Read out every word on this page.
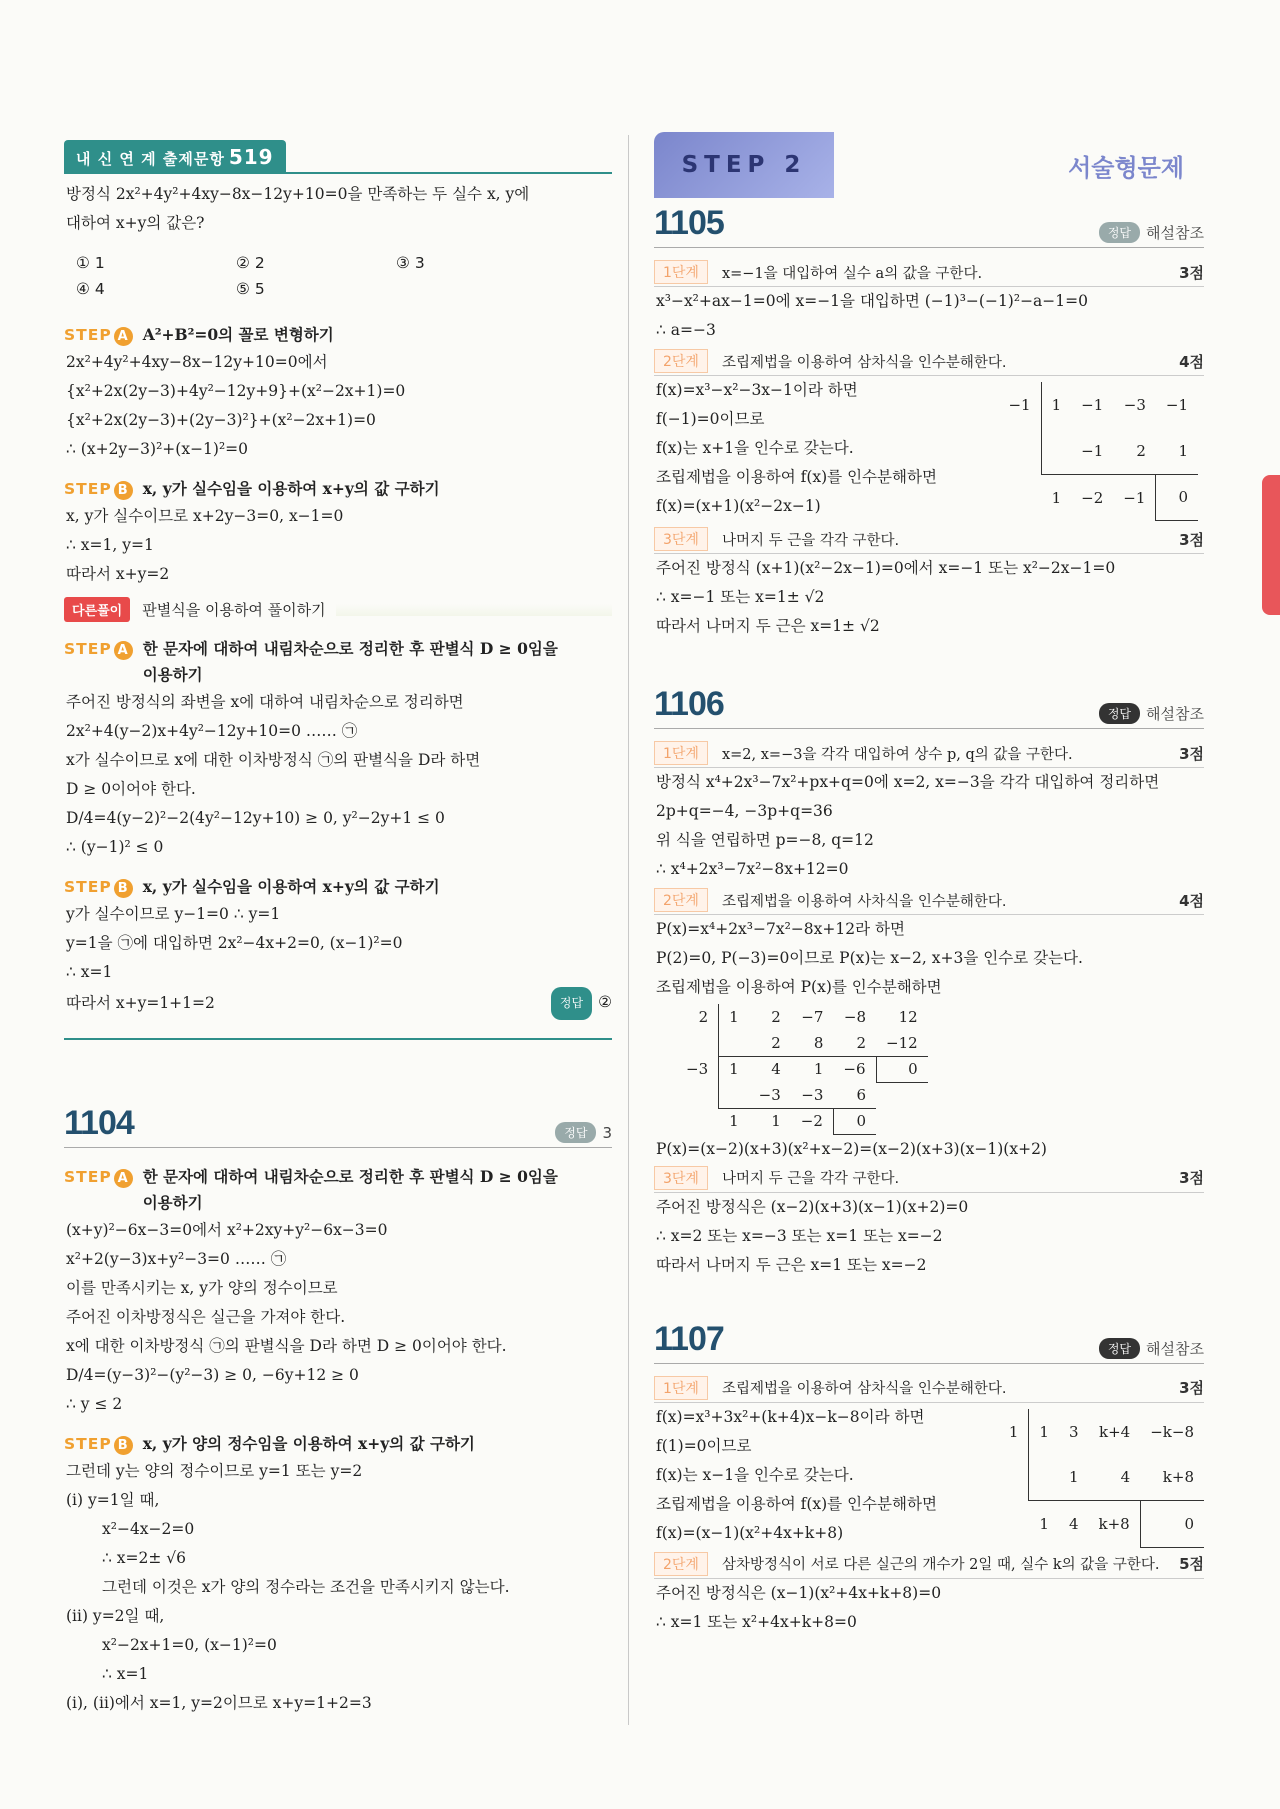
내 신 연 계 출제문항 519
방정식 2x²+4y²+4xy−8x−12y+10=0을 만족하는 두 실수 x, y에
대하여 x+y의 값은?
① 1	② 2	③ 3
④ 4	⑤ 5
STEP A A²+B²=0의 꼴로 변형하기
2x²+4y²+4xy−8x−12y+10=0에서
{x²+2x(2y−3)+4y²−12y+9}+(x²−2x+1)=0
{x²+2x(2y−3)+(2y−3)²}+(x²−2x+1)=0
∴ (x+2y−3)²+(x−1)²=0
STEP B x, y가 실수임을 이용하여 x+y의 값 구하기
x, y가 실수이므로 x+2y−3=0, x−1=0
∴ x=1, y=1
따라서 x+y=2
다른풀이	판별식을 이용하여 풀이하기
STEP A 한 문자에 대하여 내림차순으로 정리한 후 판별식 D ≥ 0임을
이용하기
주어진 방정식의 좌변을 x에 대하여 내림차순으로 정리하면
2x²+4(y−2)x+4y²−12y+10=0 …… ㉠
x가 실수이므로 x에 대한 이차방정식 ㉠의 판별식을 D라 하면
D ≥ 0이어야 한다.
D/4=4(y−2)²−2(4y²−12y+10) ≥ 0, y²−2y+1 ≤ 0
∴ (y−1)² ≤ 0
STEP B x, y가 실수임을 이용하여 x+y의 값 구하기
y가 실수이므로 y−1=0 ∴ y=1
y=1을 ㉠에 대입하면 2x²−4x+2=0, (x−1)²=0
∴ x=1
따라서 x+y=1+1=2	정답 ②
1104	정답	3
STEP A 한 문자에 대하여 내림차순으로 정리한 후 판별식 D ≥ 0임을
이용하기
(x+y)²−6x−3=0에서 x²+2xy+y²−6x−3=0
x²+2(y−3)x+y²−3=0 …… ㉠
이를 만족시키는 x, y가 양의 정수이므로
주어진 이차방정식은 실근을 가져야 한다.
x에 대한 이차방정식 ㉠의 판별식을 D라 하면 D ≥ 0이어야 한다.
D/4=(y−3)²−(y²−3) ≥ 0, −6y+12 ≥ 0
∴ y ≤ 2
STEP B x, y가 양의 정수임을 이용하여 x+y의 값 구하기
그런데 y는 양의 정수이므로 y=1 또는 y=2
(ⅰ) y=1일 때,
x²−4x−2=0
∴ x=2± √6
그런데 이것은 x가 양의 정수라는 조건을 만족시키지 않는다.
(ⅱ) y=2일 때,
x²−2x+1=0, (x−1)²=0
∴ x=1
(ⅰ), (ⅱ)에서 x=1, y=2이므로 x+y=1+2=3
STEP 2	서술형문제
1105	정답	해설참조
1단계	x=−1을 대입하여 실수 a의 값을 구한다.	3점
x³−x²+ax−1=0에 x=−1을 대입하면 (−1)³−(−1)²−a−1=0
∴ a=−3
2단계	조립제법을 이용하여 삼차식을 인수분해한다.	4점
f(x)=x³−x²−3x−1이라 하면
f(−1)=0이므로
f(x)는 x+1을 인수로 갖는다.
조립제법을 이용하여 f(x)를 인수분해하면
f(x)=(x+1)(x²−2x−1)
−1	1	−1	−3	−1
		−1	2	1
	1	−2	−1	0
3단계	나머지 두 근을 각각 구한다.	3점
주어진 방정식 (x+1)(x²−2x−1)=0에서 x=−1 또는 x²−2x−1=0
∴ x=−1 또는 x=1± √2
따라서 나머지 두 근은 x=1± √2
1106	정답	해설참조
1단계	x=2, x=−3을 각각 대입하여 상수 p, q의 값을 구한다.	3점
방정식 x⁴+2x³−7x²+px+q=0에 x=2, x=−3을 각각 대입하여 정리하면
2p+q=−4, −3p+q=36
위 식을 연립하면 p=−8, q=12
∴ x⁴+2x³−7x²−8x+12=0
2단계	조립제법을 이용하여 사차식을 인수분해한다.	4점
P(x)=x⁴+2x³−7x²−8x+12라 하면
P(2)=0, P(−3)=0이므로 P(x)는 x−2, x+3을 인수로 갖는다.
조립제법을 이용하여 P(x)를 인수분해하면
2	1	2	−7	−8	12
		2	8	2	−12
−3	1	4	1	−6	0
		−3	−3	6	
	1	1	−2	0	
P(x)=(x−2)(x+3)(x²+x−2)=(x−2)(x+3)(x−1)(x+2)
3단계	나머지 두 근을 각각 구한다.	3점
주어진 방정식은 (x−2)(x+3)(x−1)(x+2)=0
∴ x=2 또는 x=−3 또는 x=1 또는 x=−2
따라서 나머지 두 근은 x=1 또는 x=−2
1107	정답	해설참조
1단계	조립제법을 이용하여 삼차식을 인수분해한다.	3점
f(x)=x³+3x²+(k+4)x−k−8이라 하면
f(1)=0이므로
f(x)는 x−1을 인수로 갖는다.
조립제법을 이용하여 f(x)를 인수분해하면
f(x)=(x−1)(x²+4x+k+8)
1	1	3	k+4	−k−8
		1	4	k+8
	1	4	k+8	0
2단계	삼차방정식이 서로 다른 실근의 개수가 2일 때, 실수 k의 값을 구한다. 5점
주어진 방정식은 (x−1)(x²+4x+k+8)=0
∴ x=1 또는 x²+4x+k+8=0
